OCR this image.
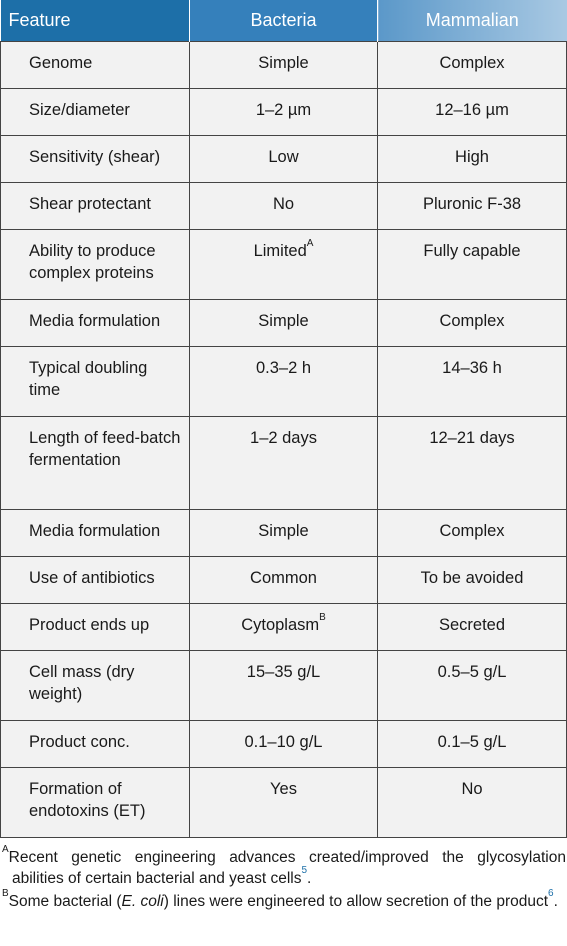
Feature	Bacteria	Mammalian
Genome	Simple	Complex
Size/diameter	1–2 µm	12–16 µm
Sensitivity (shear)	Low	High
Shear protectant	No	Pluronic F-38
Ability to produce complex proteins	Limited$^A$	Fully capable
Media formulation	Simple	Complex
Typical doubling time	0.3–2 h	14–36 h
Length of feed-batch fermentation	1–2 days	12–21 days
Media formulation	Simple	Complex
Use of antibiotics	Common	To be avoided
Product ends up	Cytoplasm$^B$	Secreted
Cell mass (dry weight)	15–35 g/L	0.5–5 g/L
Product conc.	0.1–10 g/L	0.1–5 g/L
Formation of endotoxins (ET)	Yes	No

$^A$Recent genetic engineering advances created/improved the glycosylation abilities of certain bacterial and yeast cells$^5$.

$^B$Some bacterial (E. coli) lines were engineered to allow secretion of the product$^6$.
